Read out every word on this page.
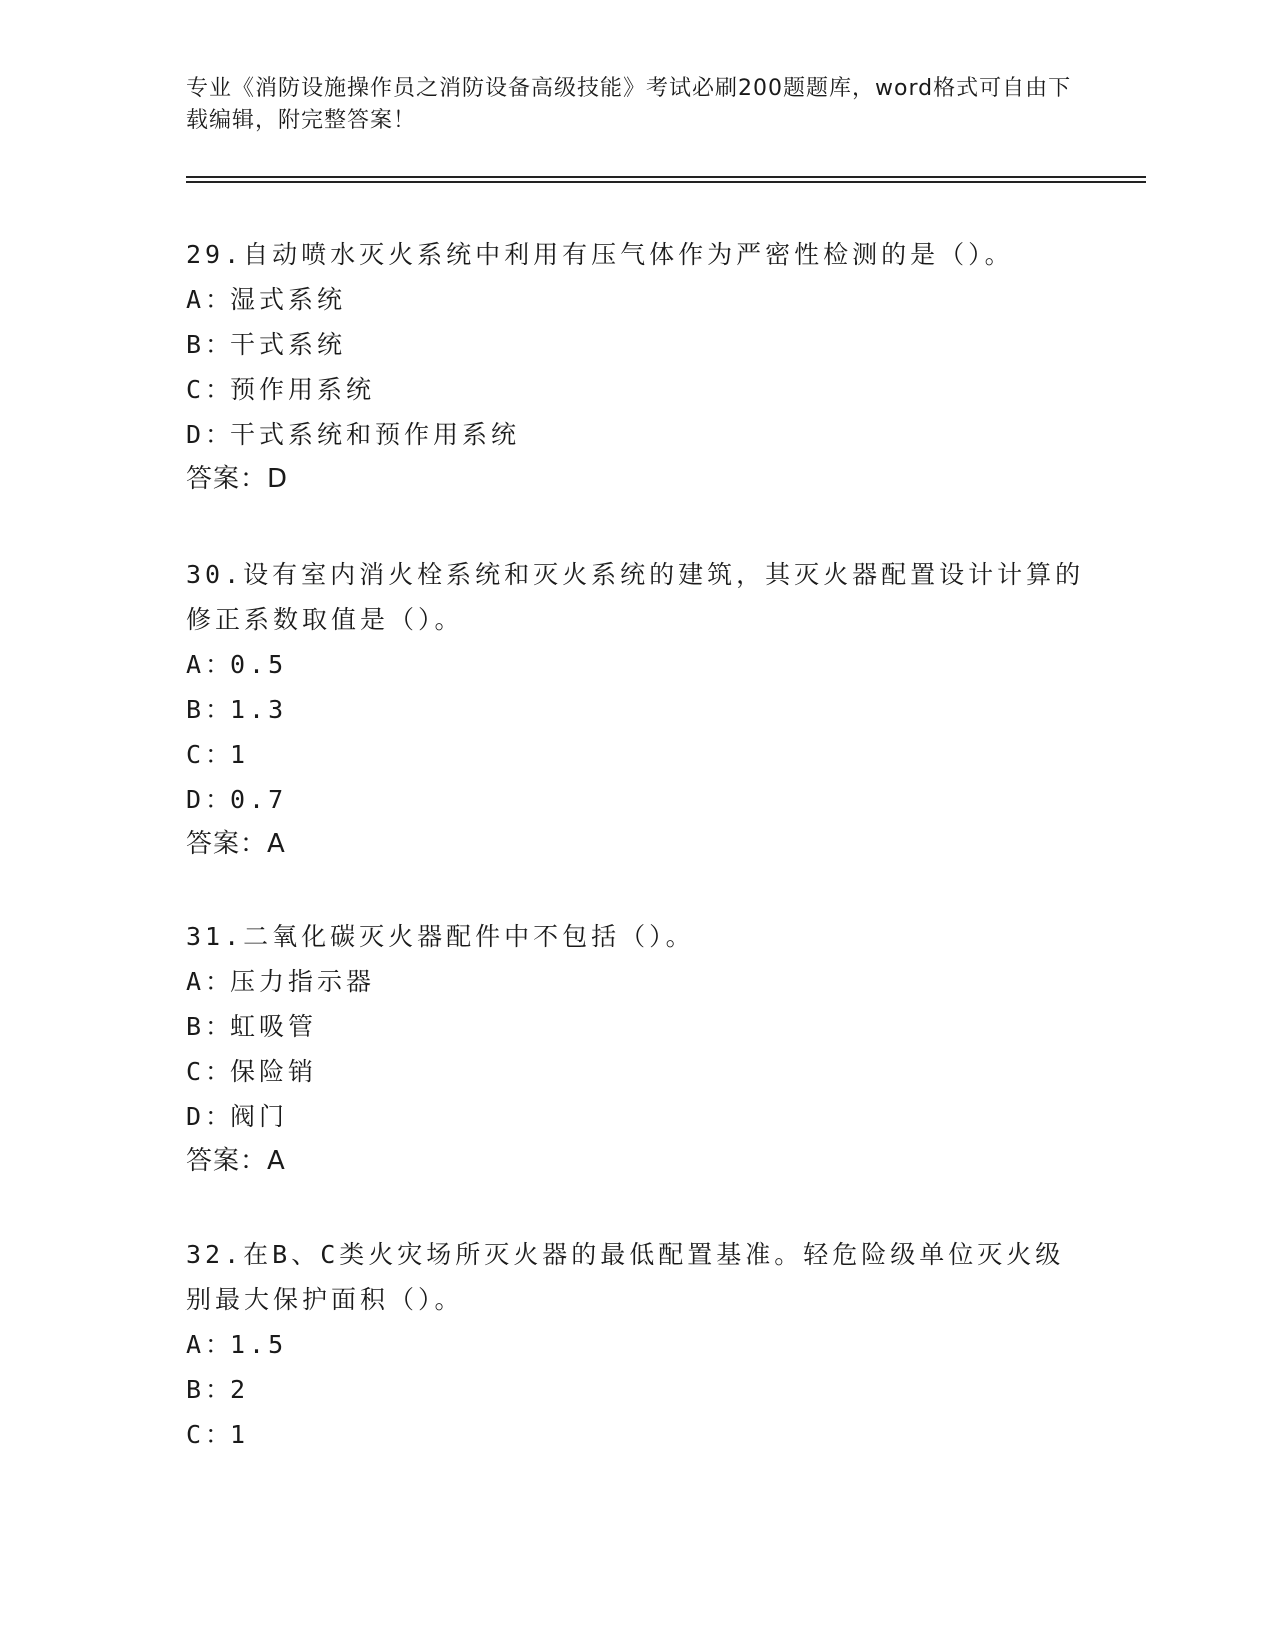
专业《消防设施操作员之消防设备高级技能》考试必刷200题题库，word格式可自由下载编辑，附完整答案！
29.自动喷水灭火系统中利用有压气体作为严密性检测的是（）。
A：湿式系统
B：干式系统
C：预作用系统
D：干式系统和预作用系统
答案：D
30.设有室内消火栓系统和灭火系统的建筑，其灭火器配置设计计算的修正系数取值是（）。
A：0.5
B：1.3
C：1
D：0.7
答案：A
31.二氧化碳灭火器配件中不包括（）。
A：压力指示器
B：虹吸管
C：保险销
D：阀门
答案：A
32.在B、C类火灾场所灭火器的最低配置基准。轻危险级单位灭火级别最大保护面积（）。
A：1.5
B：2
C：1
